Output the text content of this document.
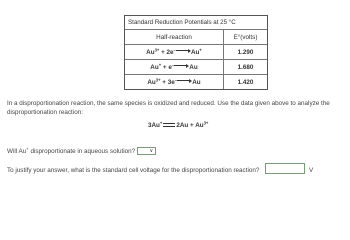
Standard Reduction Potentials at 25 °C
Half-reaction	E°(volts)
$Au^{3+} + 2e^-$ Au+	1.290
Au+ + e− Au	1.680
$Au^{3+} + 3e^-$ Au	1.420
In a disproportionation reaction, the same species is oxidized and reduced. Use the data given above to analyze the disproportionation reaction:
3Au+ $2Au + Au^{3+}$
Will Au+ disproportionate in aqueous solution?	∨
To justify your answer, what is the standard cell voltage for the disproportionation reaction?	V
